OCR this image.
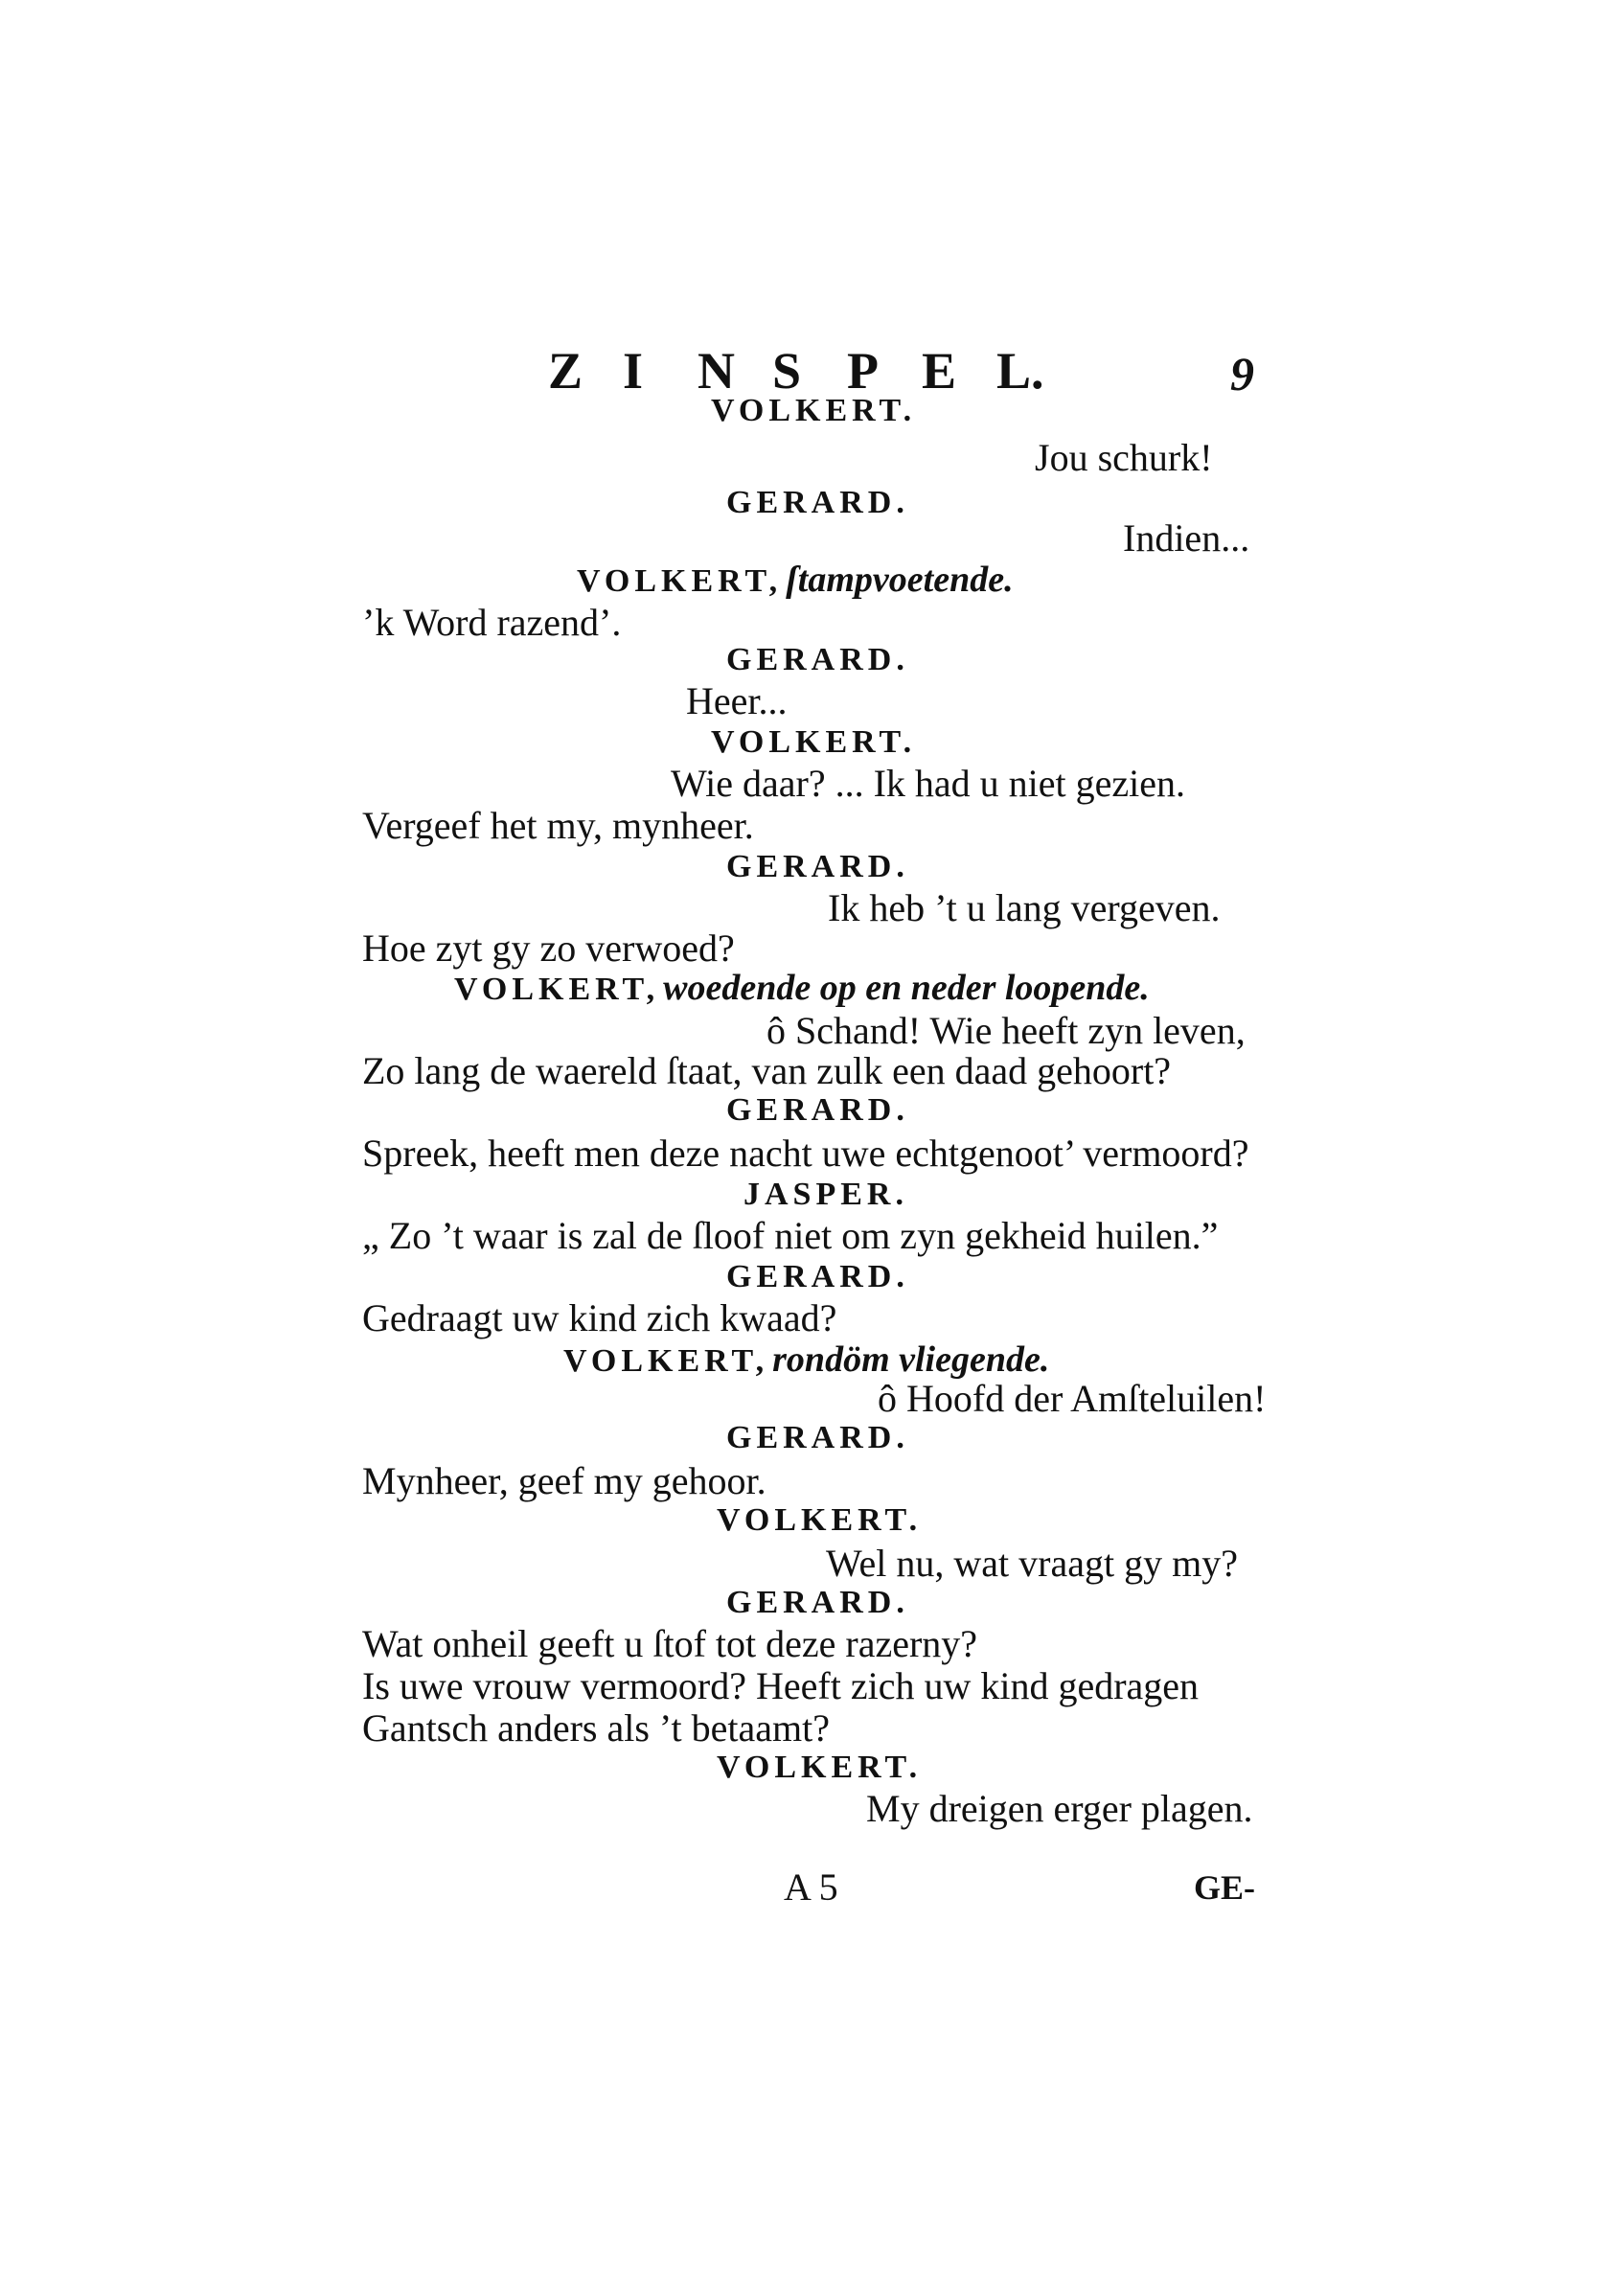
Z I N S P E L.	9
VOLKERT.
Jou schurk!
GERARD.
Indien...
VOLKERT, ſtampvoetende.
’k Word razend’.
GERARD.
Heer...
VOLKERT.
Wie daar? ... Ik had u niet gezien.
Vergeef het my, mynheer.
GERARD.
Ik heb ’t u lang vergeven.
Hoe zyt gy zo verwoed?
VOLKERT, woedende op en neder loopende.
ô Schand! Wie heeft zyn leven,
Zo lang de waereld ſtaat, van zulk een daad gehoort?
GERARD.
Spreek, heeft men deze nacht uwe echtgenoot’ vermoord?
JASPER.
„ Zo ’t waar is zal de ſloof niet om zyn gekheid huilen.”
GERARD.
Gedraagt uw kind zich kwaad?
VOLKERT, rondöm vliegende.
ô Hoofd der Amſteluilen!
GERARD.
Mynheer, geef my gehoor.
VOLKERT.
Wel nu, wat vraagt gy my?
GERARD.
Wat onheil geeft u ſtof tot deze razerny?
Is uwe vrouw vermoord? Heeft zich uw kind gedragen
Gantsch anders als ’t betaamt?
VOLKERT.
My dreigen erger plagen.
A 5	GE-
